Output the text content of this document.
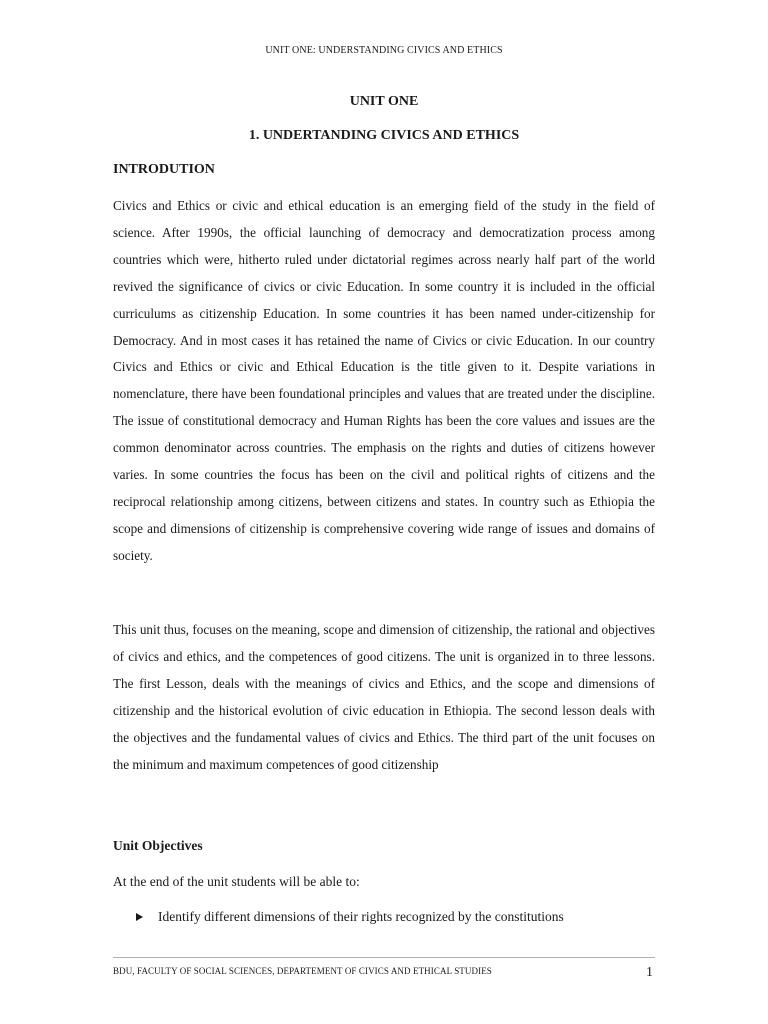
UNIT ONE: UNDERSTANDING CIVICS AND ETHICS
UNIT ONE
1. UNDERTANDING CIVICS AND ETHICS
INTRODUTION

Civics and Ethics or civic and ethical education is an emerging field of the study in the field of science. After 1990s, the official launching of democracy and democratization process among countries which were, hitherto ruled under dictatorial regimes across nearly half part of the world revived the significance of civics or civic Education. In some country it is included in the official curriculums as citizenship Education. In some countries it has been named under-citizenship for Democracy. And in most cases it has retained the name of Civics or civic Education. In our country Civics and Ethics or civic and Ethical Education is the title given to it. Despite variations in nomenclature, there have been foundational principles and values that are treated under the discipline. The issue of constitutional democracy and Human Rights has been the core values and issues are the common denominator across countries. The emphasis on the rights and duties of citizens however varies. In some countries the focus has been on the civil and political rights of citizens and the reciprocal relationship among citizens, between citizens and states. In country such as Ethiopia the scope and dimensions of citizenship is comprehensive covering wide range of issues and domains of society.

This unit thus, focuses on the meaning, scope and dimension of citizenship, the rational and objectives of civics and ethics, and the competences of good citizens. The unit is organized in to three lessons. The first Lesson, deals with the meanings of civics and Ethics, and the scope and dimensions of citizenship and the historical evolution of civic education in Ethiopia. The second lesson deals with the objectives and the fundamental values of civics and Ethics. The third part of the unit focuses on the minimum and maximum competences of good citizenship

Unit Objectives
At the end of the unit students will be able to:
Identify different dimensions of their rights recognized by the constitutions
BDU, FACULTY OF SOCIAL SCIENCES, DEPARTEMENT OF CIVICS AND ETHICAL STUDIES	1
